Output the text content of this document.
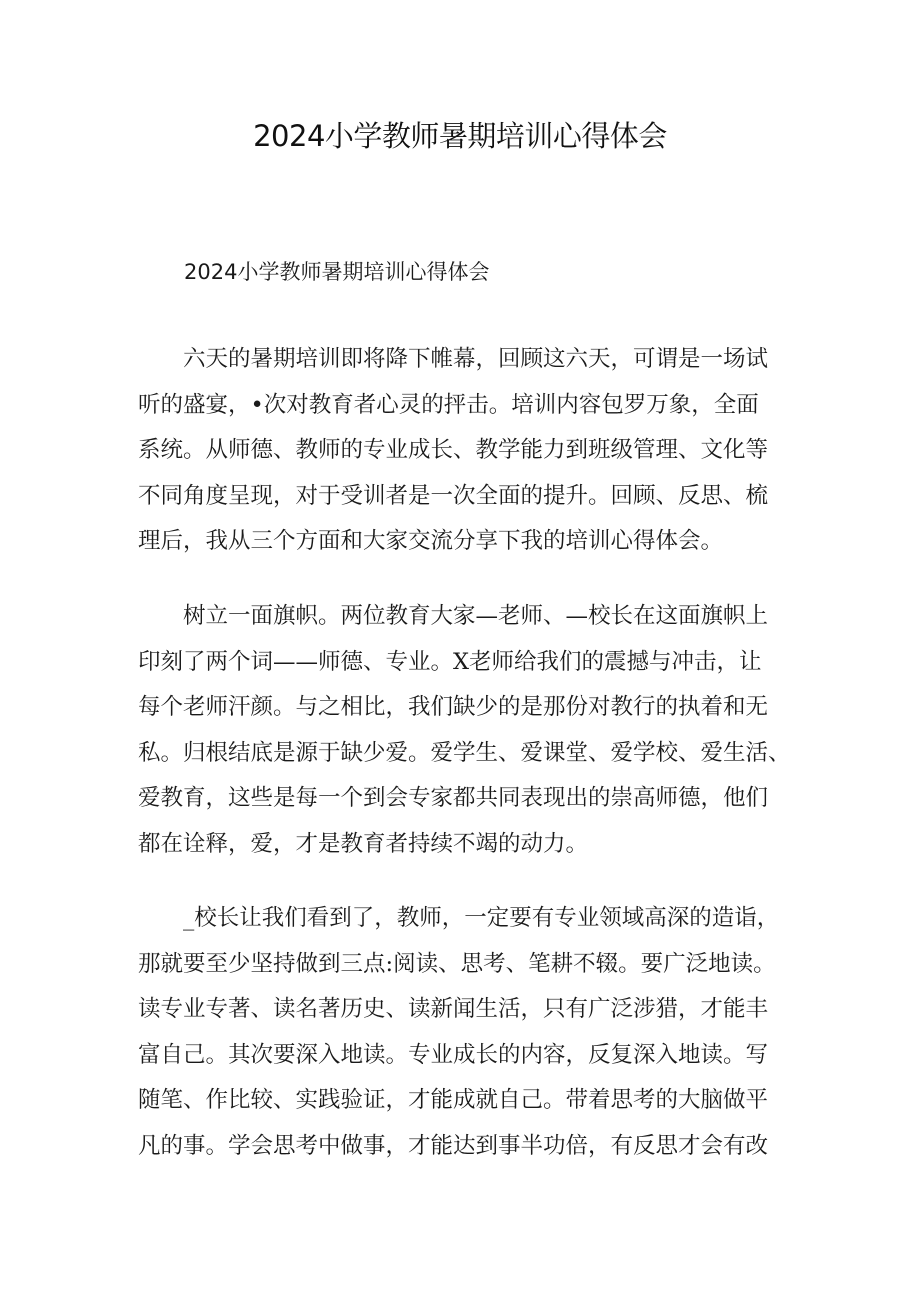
2024小学教师暑期培训心得体会
2024小学教师暑期培训心得体会
六天的暑期培训即将降下帷幕，回顾这六天，可谓是一场试
听的盛宴，•次对教育者心灵的抨击。培训内容包罗万象，全面
系统。从师德、教师的专业成长、教学能力到班级管理、文化等
不同角度呈现，对于受训者是一次全面的提升。回顾、反思、梳
理后，我从三个方面和大家交流分享下我的培训心得体会。
树立一面旗帜。两位教育大家—老师、—校长在这面旗帜上
印刻了两个词——师德、专业。X老师给我们的震撼与冲击，让
每个老师汗颜。与之相比，我们缺少的是那份对教行的执着和无
私。归根结底是源于缺少爱。爱学生、爱课堂、爱学校、爱生活、
爱教育，这些是每一个到会专家都共同表现出的崇高师德，他们
都在诠释，爱，才是教育者持续不竭的动力。
_校长让我们看到了，教师，一定要有专业领域高深的造诣，
那就要至少坚持做到三点:阅读、思考、笔耕不辍。要广泛地读。
读专业专著、读名著历史、读新闻生活，只有广泛涉猎，才能丰
富自己。其次要深入地读。专业成长的内容，反复深入地读。写
随笔、作比较、实践验证，才能成就自己。带着思考的大脑做平
凡的事。学会思考中做事，才能达到事半功倍，有反思才会有改
